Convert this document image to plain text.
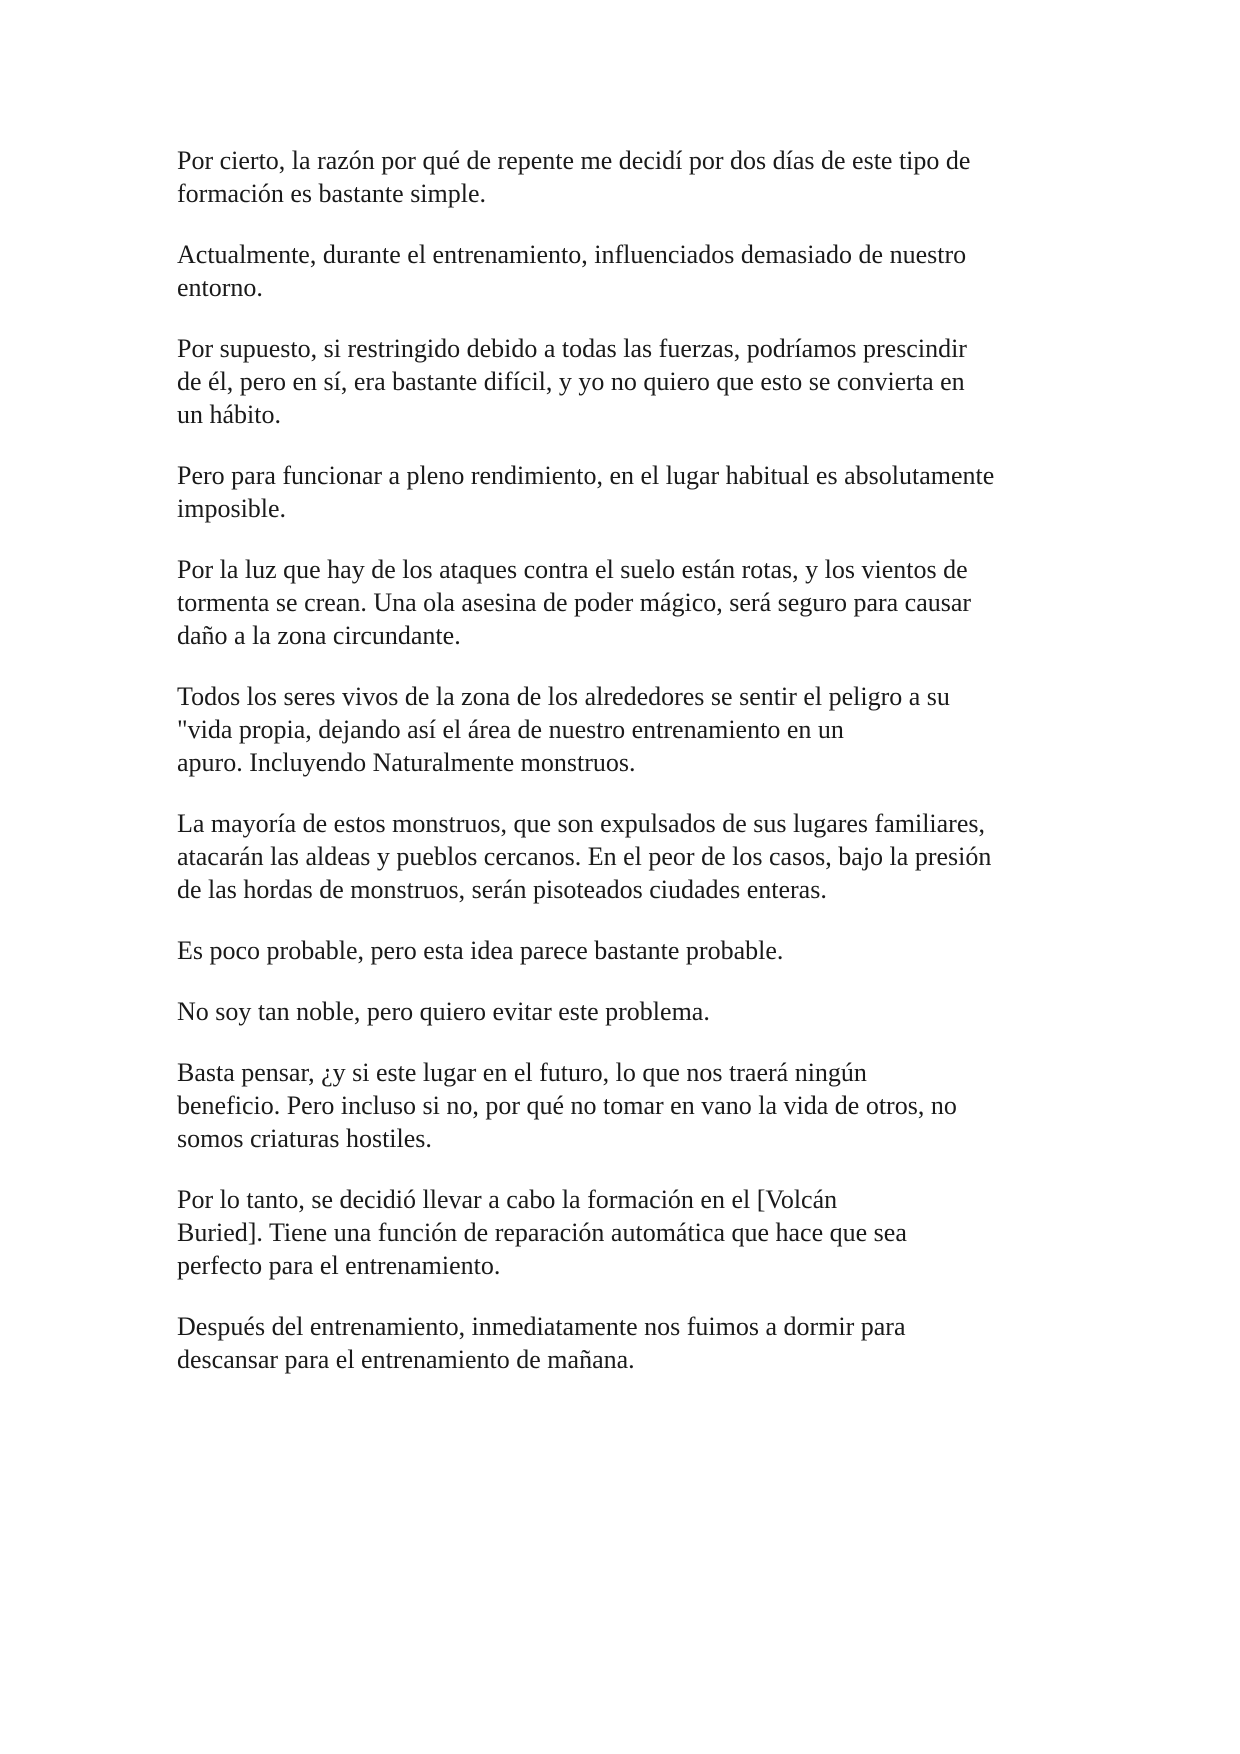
Por cierto, la razón por qué de repente me decidí por dos días de este tipo de
formación es bastante simple.

Actualmente, durante el entrenamiento, influenciados demasiado de nuestro
entorno.

Por supuesto, si restringido debido a todas las fuerzas, podríamos prescindir
de él, pero en sí, era bastante difícil, y yo no quiero que esto se convierta en
un hábito.

Pero para funcionar a pleno rendimiento, en el lugar habitual es absolutamente
imposible.

Por la luz que hay de los ataques contra el suelo están rotas, y los vientos de
tormenta se crean. Una ola asesina de poder mágico, será seguro para causar
daño a la zona circundante.

Todos los seres vivos de la zona de los alrededores se sentir el peligro a su
"vida propia, dejando así el área de nuestro entrenamiento en un
apuro. Incluyendo Naturalmente monstruos.

La mayoría de estos monstruos, que son expulsados de sus lugares familiares,
atacarán las aldeas y pueblos cercanos. En el peor de los casos, bajo la presión
de las hordas de monstruos, serán pisoteados ciudades enteras.

Es poco probable, pero esta idea parece bastante probable.

No soy tan noble, pero quiero evitar este problema.

Basta pensar, ¿y si este lugar en el futuro, lo que nos traerá ningún
beneficio. Pero incluso si no, por qué no tomar en vano la vida de otros, no
somos criaturas hostiles.

Por lo tanto, se decidió llevar a cabo la formación en el [Volcán
Buried]. Tiene una función de reparación automática que hace que sea
perfecto para el entrenamiento.

Después del entrenamiento, inmediatamente nos fuimos a dormir para
descansar para el entrenamiento de mañana.
